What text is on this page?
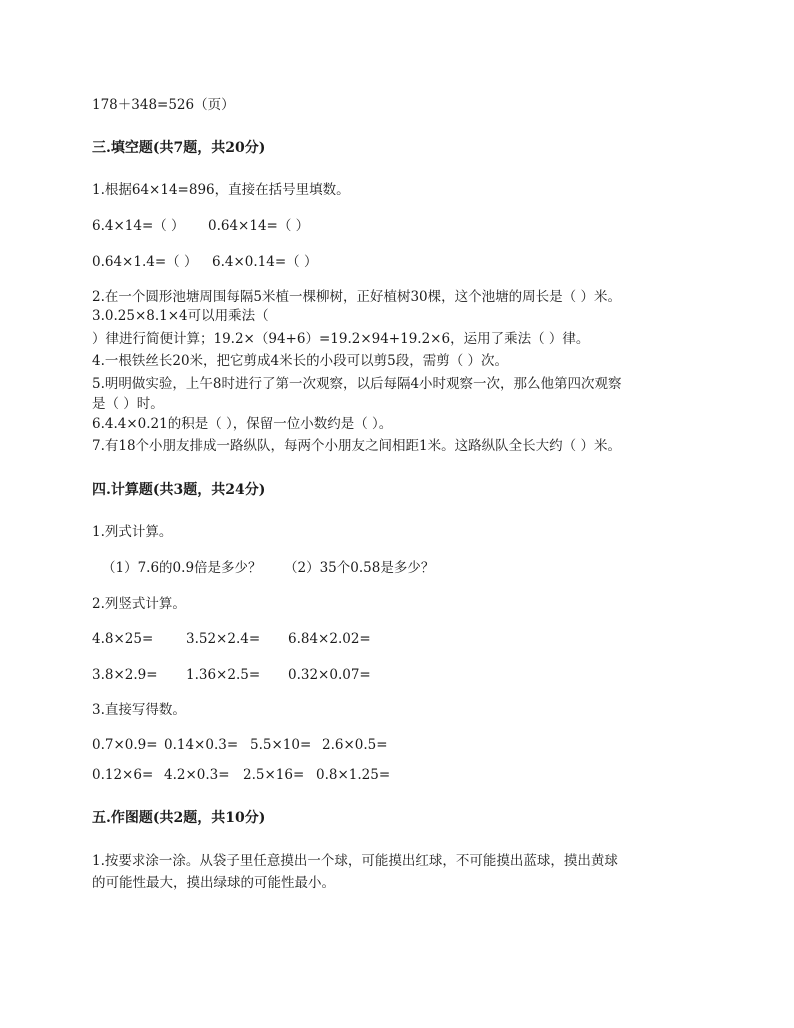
178＋348=526（页）
三.填空题(共7题，共20分)
1.根据64×14=896，直接在括号里填数。
6.4×14=（ ） 0.64×14=（ ）
0.64×1.4=（ ） 6.4×0.14=（ ）
2.在一个圆形池塘周围每隔5米植一棵柳树，正好植树30棵，这个池塘的周长是（ ）米。
3.0.25×8.1×4可以用乘法（
）律进行简便计算；19.2×（94+6）=19.2×94+19.2×6，运用了乘法（ ）律。
4.一根铁丝长20米，把它剪成4米长的小段可以剪5段，需剪（ ）次。
5.明明做实验，上午8时进行了第一次观察，以后每隔4小时观察一次，那么他第四次观察
是（ ）时。
6.4.4×0.21的积是（ ），保留一位小数约是（ ）。
7.有18个小朋友排成一路纵队，每两个小朋友之间相距1米。这路纵队全长大约（ ）米。
四.计算题(共3题，共24分)
1.列式计算。
（1）7.6的0.9倍是多少？ （2）35个0.58是多少？
2.列竖式计算。
4.8×25= 3.52×2.4= 6.84×2.02=
3.8×2.9= 1.36×2.5= 0.32×0.07=
3.直接写得数。
0.7×0.9= 0.14×0.3= 5.5×10= 2.6×0.5=
0.12×6= 4.2×0.3= 2.5×16= 0.8×1.25=
五.作图题(共2题，共10分)
1.按要求涂一涂。从袋子里任意摸出一个球，可能摸出红球，不可能摸出蓝球，摸出黄球
的可能性最大，摸出绿球的可能性最小。
